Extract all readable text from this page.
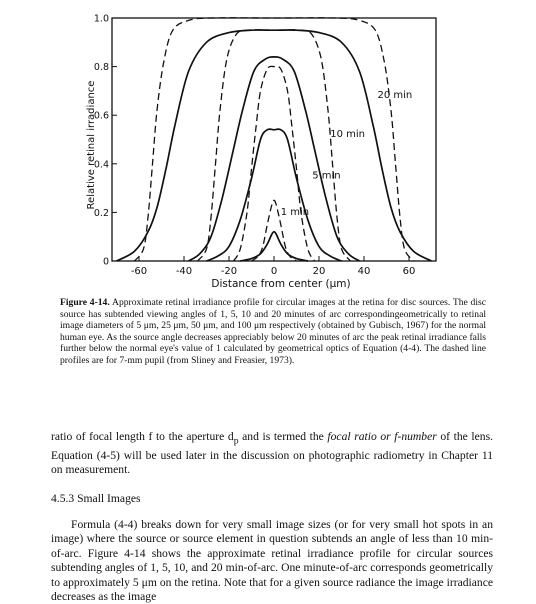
-60	-40	-20	0	20	40	60
0
0.2
0.4
0.6
0.8
1.0
1 min
5 min
10 min
20 min
Relative retinal irradiance
Distance from center (µm)

Figure 4-14. Approximate retinal irradiance profile for circular images at the retina for disc sources. The disc source has subtended viewing angles of 1, 5, 10 and 20 minutes of arc correspondingeometrically to retinal image diameters of 5 μm, 25 μm, 50 μm, and 100 μm respectively (obtained by Gubisch, 1967) for the normal human eye. As the source angle decreases appreciably below 20 minutes of arc the peak retinal irradiance falls further below the normal eye's value of 1 calculated by geometrical optics of Equation (4-4). The dashed line profiles are for 7-mm pupil (from Sliney and Freasier, 1973).

ratio of focal length f to the aperture $d_p$ and is termed the focal ratio or f-number of the lens. Equation (4-5) will be used later in the discussion on photographic radiometry in Chapter 11 on measurement.

4.5.3 Small Images

Formula (4-4) breaks down for very small image sizes (or for very small hot spots in an image) where the source or source element in question subtends an angle of less than 10 min-of-arc. Figure 4-14 shows the approximate retinal irradiance profile for circular sources subtending angles of 1, 5, 10, and 20 min-of-arc. One minute-of-arc corresponds geometrically to approximately 5 μm on the retina. Note that for a given source radiance the image irradiance decreases as the image
